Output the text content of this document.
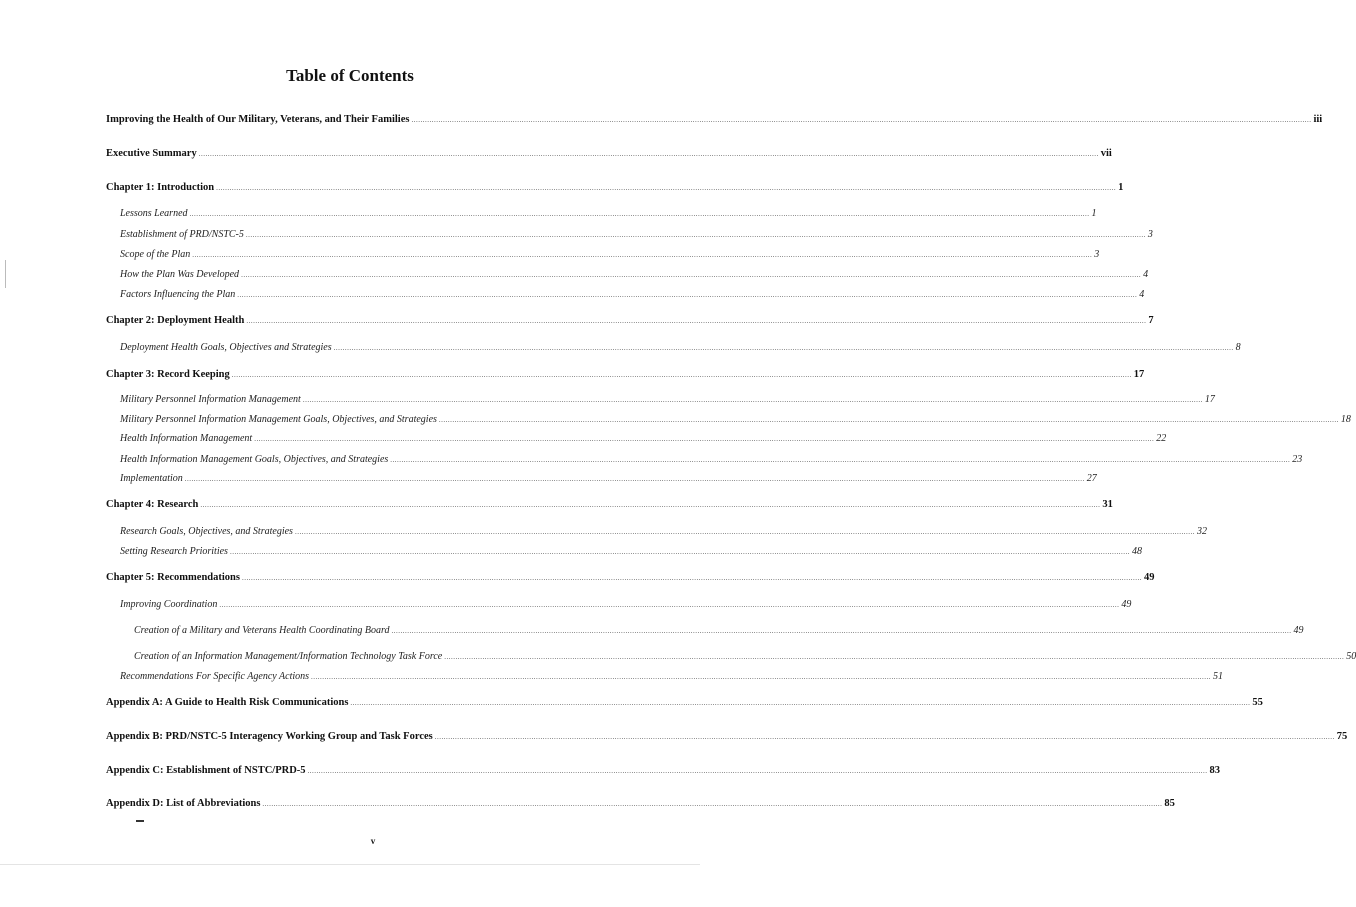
Table of Contents
Improving the Health of Our Military, Veterans, and Their Families ................................................................................................................................................................................................................................................................................................................................................................................................................ iii
Executive Summary ................................................................................................................................................................................................................................................................................................................................................................................................................ vii
Chapter 1: Introduction ................................................................................................................................................................................................................................................................................................................................................................................................................ 1
Lessons Learned ................................................................................................................................................................................................................................................................................................................................................................................................................ 1
Establishment of PRD/NSTC-5 ................................................................................................................................................................................................................................................................................................................................................................................................................ 3
Scope of the Plan ................................................................................................................................................................................................................................................................................................................................................................................................................ 3
How the Plan Was Developed ................................................................................................................................................................................................................................................................................................................................................................................................................ 4
Factors Influencing the Plan ................................................................................................................................................................................................................................................................................................................................................................................................................ 4
Chapter 2: Deployment Health ................................................................................................................................................................................................................................................................................................................................................................................................................ 7
Deployment Health Goals, Objectives and Strategies ................................................................................................................................................................................................................................................................................................................................................................................................................ 8
Chapter 3: Record Keeping ................................................................................................................................................................................................................................................................................................................................................................................................................ 17
Military Personnel Information Management ................................................................................................................................................................................................................................................................................................................................................................................................................ 17
Military Personnel Information Management Goals, Objectives, and Strategies ................................................................................................................................................................................................................................................................................................................................................................................................................ 18
Health Information Management ................................................................................................................................................................................................................................................................................................................................................................................................................ 22
Health Information Management Goals, Objectives, and Strategies ................................................................................................................................................................................................................................................................................................................................................................................................................ 23
Implementation ................................................................................................................................................................................................................................................................................................................................................................................................................ 27
Chapter 4: Research ................................................................................................................................................................................................................................................................................................................................................................................................................ 31
Research Goals, Objectives, and Strategies ................................................................................................................................................................................................................................................................................................................................................................................................................ 32
Setting Research Priorities ................................................................................................................................................................................................................................................................................................................................................................................................................ 48
Chapter 5: Recommendations ................................................................................................................................................................................................................................................................................................................................................................................................................ 49
Improving Coordination ................................................................................................................................................................................................................................................................................................................................................................................................................ 49
Creation of a Military and Veterans Health Coordinating Board ................................................................................................................................................................................................................................................................................................................................................................................................................ 49
Creation of an Information Management/Information Technology Task Force ................................................................................................................................................................................................................................................................................................................................................................................................................ 50
Recommendations For Specific Agency Actions ................................................................................................................................................................................................................................................................................................................................................................................................................ 51
Appendix A: A Guide to Health Risk Communications ................................................................................................................................................................................................................................................................................................................................................................................................................ 55
Appendix B: PRD/NSTC-5 Interagency Working Group and Task Forces ................................................................................................................................................................................................................................................................................................................................................................................................................ 75
Appendix C: Establishment of NSTC/PRD-5 ................................................................................................................................................................................................................................................................................................................................................................................................................ 83
Appendix D: List of Abbreviations ................................................................................................................................................................................................................................................................................................................................................................................................................ 85
v
